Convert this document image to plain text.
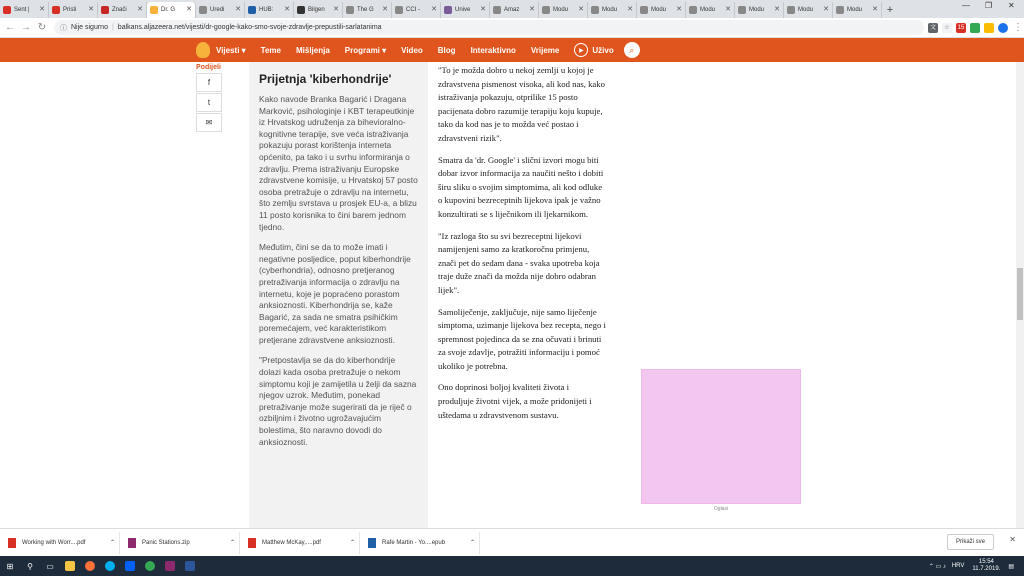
Sent | ✕	Pristi ✕	Znači ✕	Dr. G ✕	Uredi ✕	HUB: ✕	Bilgen ✕	The G ✕	CCI - ✕	Unive ✕	Amaz ✕	Modu ✕	Modu ✕	Modu ✕	Modu ✕	Modu ✕	Modu ✕	Modu ✕ +	— ❐ ✕
← → ↻ ⓘ Nije sigurno | balkans.aljazeera.net/vijesti/dr-google-kako-smo-svoje-zdravlje-prepustili-sarlatanima	文	☆	15	⋮
Vijesti ▾ Teme Mišljenja Programi ▾ Video Blog Interaktivno Vrijeme	▶	Uživo	⌕
Podijeli
f
t
✉
Prijetnja 'kiberhondrije'

Kako navode Branka Bagarić i Dragana Marković, psihologinje i KBT terapeutkinje iz Hrvatskog udruženja za bihevioralno-kognitivne terapije, sve veća istraživanja pokazuju porast korištenja interneta općenito, pa tako i u svrhu informiranja o zdravlju. Prema istraživanju Europske zdravstvene komisije, u Hrvatskoj 57 posto osoba pretražuje o zdravlju na internetu, što zemlju svrstava u prosjek EU-a, a blizu 11 posto korisnika to čini barem jednom tjedno.

Međutim, čini se da to može imati i negativne posljedice, poput kiberhondrije (cyberhondria), odnosno pretjeranog pretraživanja informacija o zdravlju na internetu, koje je popraćeno porastom anksioznosti. Kiberhondrija se, kaže Bagarić, za sada ne smatra psihičkim poremećajem, već karakteristikom pretjerane zdravstvene anksioznosti.

"Pretpostavlja se da do kiberhondrije dolazi kada osoba pretražuje o nekom simptomu koji je zamijetila u želji da sazna njegov uzrok. Međutim, ponekad pretraživanje može sugerirati da je riječ o ozbiljnim i životno ugrožavajućim bolestima, što naravno dovodi do anksioznosti.

"To je možda dobro u nekoj zemlji u kojoj je zdravstvena pismenost visoka, ali kod nas, kako istraživanja pokazuju, otprilike 15 posto pacijenata dobro razumije terapiju koju kupuje, tako da kod nas je to možda već postao i zdravstveni rizik".

Smatra da 'dr. Google' i slični izvori mogu biti dobar izvor informacija za naučiti nešto i dobiti širu sliku o svojim simptomima, ali kod odluke o kupovini bezreceptnih lijekova ipak je važno konzultirati se s liječnikom ili ljekarnikom.

"Iz razloga što su svi bezreceptni lijekovi namijenjeni samo za kratkoročnu primjenu, znači pet do sedam dana - svaka upotreba koja traje duže znači da možda nije dobro odabran lijek".

Samoliječenje, zaključuje, nije samo liječenje simptoma, uzimanje lijekova bez recepta, nego i spremnost pojedinca da se zna očuvati i brinuti za svoje zdavlje, potražiti informaciju i pomoć ukoliko je potrebna.

Ono doprinosi boljoj kvaliteti života i produljuje životni vijek, a može pridonijeti i uštedama u zdravstvenom sustavu.

Oglasi
Working with Worr....pdf	⌃	Panic Stations.zip	⌃	Matthew McKay,....pdf	⌃	Rafe Martin - Yo....epub	⌃	Prikaži sve	✕
⊞	⚲	▭	⌃ ▭ ♪ HRV
15:54
11.7.2019. ▤
